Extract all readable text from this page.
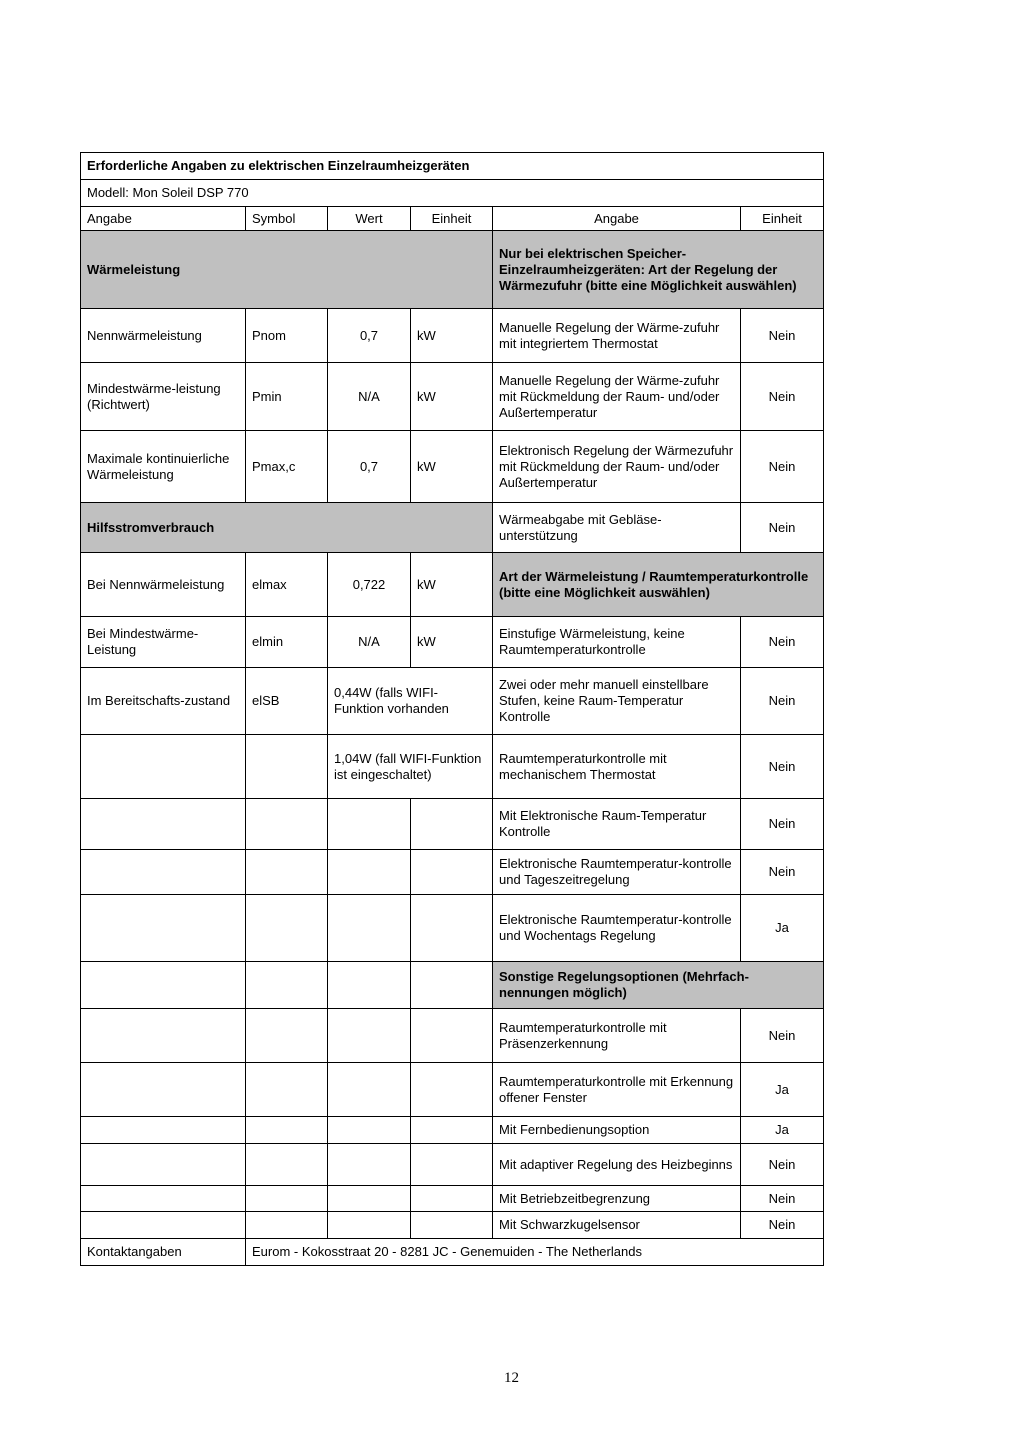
Erforderliche Angaben zu elektrischen Einzelraumheizgeräten					
Modell: Mon Soleil DSP 770					
Angabe	Symbol	Wert	Einheit	Angabe	Einheit
Wärmeleistung				Nur bei elektrischen Speicher-Einzelraumheizgeräten: Art der Regelung der Wärmezufuhr (bitte eine Möglichkeit auswählen)	
Nennwärmeleistung	Pnom	0,7	kW	Manuelle Regelung der Wärme-zufuhr mit integriertem Thermostat	Nein
Mindestwärme-leistung (Richtwert)	Pmin	N/A	kW	Manuelle Regelung der Wärme-zufuhr mit Rückmeldung der Raum- und/oder Außertemperatur	Nein
Maximale kontinuierliche Wärmeleistung	Pmax,c	0,7	kW	Elektronisch Regelung der Wärmezufuhr mit Rückmeldung der Raum- und/oder Außertemperatur	Nein
Hilfsstromverbrauch				Wärmeabgabe mit Gebläse-unterstützung	Nein
Bei Nennwärmeleistung	elmax	0,722	kW	Art der Wärmeleistung / Raumtemperaturkontrolle (bitte eine Möglichkeit auswählen)	
Bei Mindestwärme-Leistung	elmin	N/A	kW	Einstufige Wärmeleistung, keine Raumtemperaturkontrolle	Nein
Im Bereitschafts-zustand	elSB	0,44W (falls WIFI-Funktion vorhanden		Zwei oder mehr manuell einstellbare Stufen, keine Raum-Temperatur Kontrolle	Nein
		1,04W (fall WIFI-Funktion ist eingeschaltet)		Raumtemperaturkontrolle mit mechanischem Thermostat	Nein
				Mit Elektronische Raum-Temperatur Kontrolle	Nein
				Elektronische Raumtemperatur-kontrolle und Tageszeitregelung	Nein
				Elektronische Raumtemperatur-kontrolle und Wochentags Regelung	Ja
				Sonstige Regelungsoptionen (Mehrfach-nennungen möglich)	
				Raumtemperaturkontrolle mit Präsenzerkennung	Nein
				Raumtemperaturkontrolle mit Erkennung offener Fenster	Ja
				Mit Fernbedienungsoption	Ja
				Mit adaptiver Regelung des Heizbeginns	Nein
				Mit Betriebzeitbegrenzung	Nein
				Mit Schwarzkugelsensor	Nein
Kontaktangaben	Eurom - Kokosstraat 20 - 8281 JC - Genemuiden - The Netherlands				
12
